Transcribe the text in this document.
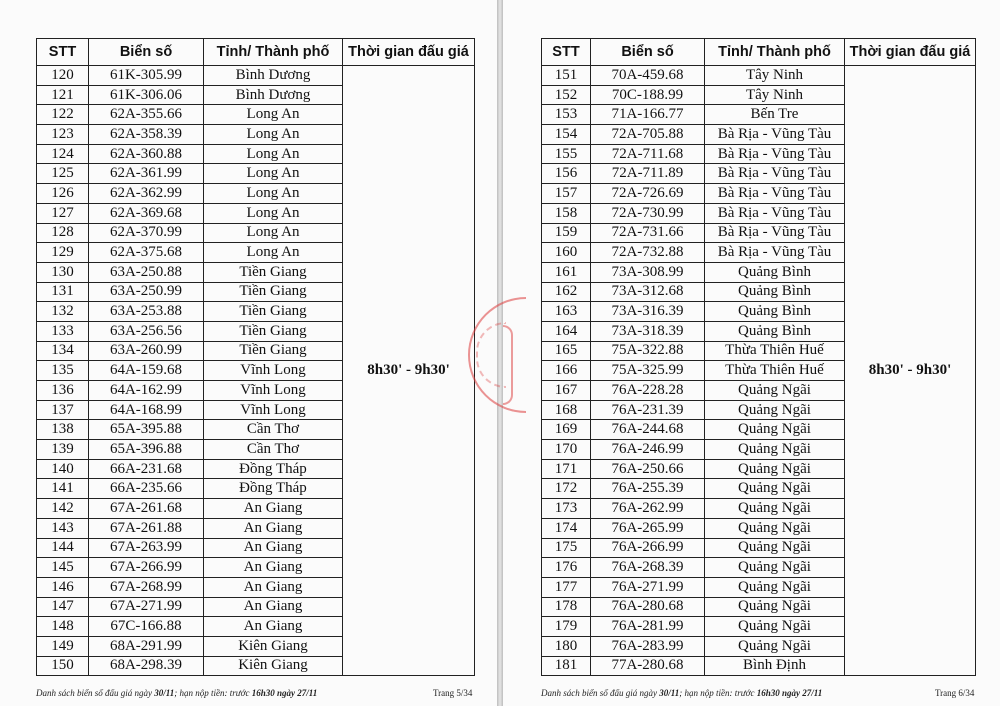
STT	Biển số	Tỉnh/ Thành phố	Thời gian đấu giá
120	61K-305.99	Bình Dương	8h30' - 9h30'
121	61K-306.06	Bình Dương	
122	62A-355.66	Long An	
123	62A-358.39	Long An	
124	62A-360.88	Long An	
125	62A-361.99	Long An	
126	62A-362.99	Long An	
127	62A-369.68	Long An	
128	62A-370.99	Long An	
129	62A-375.68	Long An	
130	63A-250.88	Tiền Giang	
131	63A-250.99	Tiền Giang	
132	63A-253.88	Tiền Giang	
133	63A-256.56	Tiền Giang	
134	63A-260.99	Tiền Giang	
135	64A-159.68	Vĩnh Long	
136	64A-162.99	Vĩnh Long	
137	64A-168.99	Vĩnh Long	
138	65A-395.88	Cần Thơ	
139	65A-396.88	Cần Thơ	
140	66A-231.68	Đồng Tháp	
141	66A-235.66	Đồng Tháp	
142	67A-261.68	An Giang	
143	67A-261.88	An Giang	
144	67A-263.99	An Giang	
145	67A-266.99	An Giang	
146	67A-268.99	An Giang	
147	67A-271.99	An Giang	
148	67C-166.88	An Giang	
149	68A-291.99	Kiên Giang	
150	68A-298.39	Kiên Giang	
Danh sách biển số đấu giá ngày 30/11; hạn nộp tiền: trước 16h30 ngày 27/11	Trang 5/34
STT	Biển số	Tỉnh/ Thành phố	Thời gian đấu giá
151	70A-459.68	Tây Ninh	8h30' - 9h30'
152	70C-188.99	Tây Ninh	
153	71A-166.77	Bến Tre	
154	72A-705.88	Bà Rịa - Vũng Tàu	
155	72A-711.68	Bà Rịa - Vũng Tàu	
156	72A-711.89	Bà Rịa - Vũng Tàu	
157	72A-726.69	Bà Rịa - Vũng Tàu	
158	72A-730.99	Bà Rịa - Vũng Tàu	
159	72A-731.66	Bà Rịa - Vũng Tàu	
160	72A-732.88	Bà Rịa - Vũng Tàu	
161	73A-308.99	Quảng Bình	
162	73A-312.68	Quảng Bình	
163	73A-316.39	Quảng Bình	
164	73A-318.39	Quảng Bình	
165	75A-322.88	Thừa Thiên Huế	
166	75A-325.99	Thừa Thiên Huế	
167	76A-228.28	Quảng Ngãi	
168	76A-231.39	Quảng Ngãi	
169	76A-244.68	Quảng Ngãi	
170	76A-246.99	Quảng Ngãi	
171	76A-250.66	Quảng Ngãi	
172	76A-255.39	Quảng Ngãi	
173	76A-262.99	Quảng Ngãi	
174	76A-265.99	Quảng Ngãi	
175	76A-266.99	Quảng Ngãi	
176	76A-268.39	Quảng Ngãi	
177	76A-271.99	Quảng Ngãi	
178	76A-280.68	Quảng Ngãi	
179	76A-281.99	Quảng Ngãi	
180	76A-283.99	Quảng Ngãi	
181	77A-280.68	Bình Định	
Danh sách biển số đấu giá ngày 30/11; hạn nộp tiền: trước 16h30 ngày 27/11	Trang 6/34
